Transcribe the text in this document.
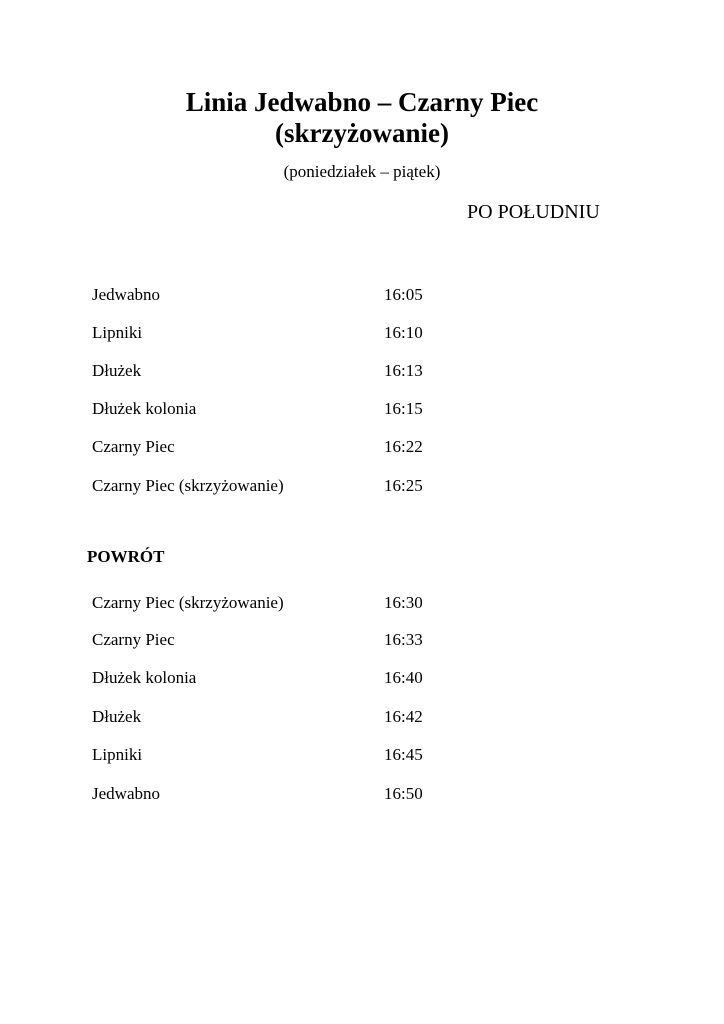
Linia Jedwabno – Czarny Piec
(skrzyżowanie)
(poniedziałek – piątek)
PO POŁUDNIU
Jedwabno	16:05
Lipniki	16:10
Dłużek	16:13
Dłużek kolonia	16:15
Czarny Piec	16:22
Czarny Piec (skrzyżowanie)	16:25
POWRÓT
Czarny Piec (skrzyżowanie)	16:30
Czarny Piec	16:33
Dłużek kolonia	16:40
Dłużek	16:42
Lipniki	16:45
Jedwabno	16:50
